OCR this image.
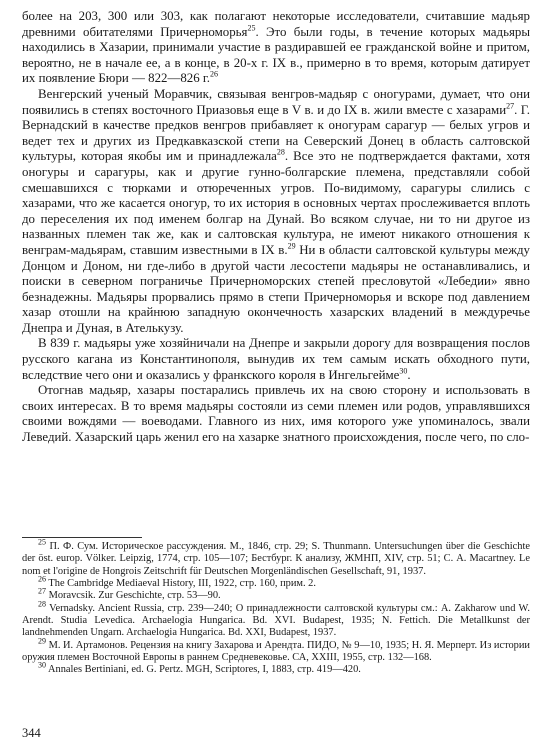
более на 203, 300 или 303, как полагают некоторые исследователи, считавшие мадьяр древними обитателями Причерноморья$^{25}$. Это были годы, в течение которых мадьяры находились в Хазарии, принимали участие в раздиравшей ее гражданской войне и притом, вероятно, не в начале ее, а в конце, в 20-х г. IX в., примерно в то время, которым датирует их появление Бюри — 822—826 г.$^{26}$

Венгерский ученый Моравчик, связывая венгров-мадьяр с оногурами, думает, что они появились в степях восточного Приазовья еще в V в. и до IX в. жили вместе с хазарами$^{27}$. Г. Вернадский в качестве предков венгров прибавляет к оногурам сарагур — белых угров и ведет тех и других из Предкавказской степи на Северский Донец в область салтовской культуры, которая якобы им и принадлежала$^{28}$. Все это не подтверждается фактами, хотя оногуры и сарагуры, как и другие гунно-болгарские племена, представляли собой смешавшихся с тюрками и отюреченных угров. По-видимому, сарагуры слились с хазарами, что же касается оногур, то их история в основных чертах прослеживается вплоть до переселения их под именем болгар на Дунай. Во всяком случае, ни то ни другое из названных племен так же, как и салтовская культура, не имеют никакого отношения к венграм-мадьярам, ставшим известными в IX в.$^{29}$ Ни в области салтовской культуры между Донцом и Доном, ни где-либо в другой части лесостепи мадьяры не останавливались, и поиски в северном пограничье Причерноморских степей пресловутой «Лебедии» явно безнадежны. Мадьяры прорвались прямо в степи Причерноморья и вскоре под давлением хазар отошли на крайнюю западную окончечность хазарских владений в междуречье Днепра и Дуная, в Ателькузу.

В 839 г. мадьяры уже хозяйничали на Днепре и закрыли дорогу для возвращения послов русского кагана из Константинополя, вынудив их тем самым искать обходного пути, вследствие чего они и оказались у франкского короля в Ингельгейме$^{30}$.

Отогнав мадьяр, хазары постарались привлечь их на свою сторону и использовать в своих интересах. В то время мадьяры состояли из семи племен или родов, управлявшихся своими вождями — воеводами. Главного из них, имя которого уже упоминалось, звали Леведий. Хазарский царь женил его на хазарке знатного происхождения, после чего, по сло-

$^{25}$ П. Ф. Сум. Историческое рассуждения. М., 1846, стр. 29; S. Thunmann. Untersuchungen über die Geschichte der öst. europ. Völker. Leipzig, 1774, стр. 105—107; Бестбург. К анализу, ЖМНП, XIV, стр. 51; С. А. Macartney. Le nom et l'origine de Hongrois Zeitschrift für Deutschen Morgenländischen Gesellschaft, 91, 1937.

$^{26}$ The Cambridge Mediaeval History, III, 1922, стр. 160, прим. 2.

$^{27}$ Moravcsik. Zur Geschichte, стр. 53—90.

$^{28}$ Vernadsky. Ancient Russia, стр. 239—240; О принадлежности салтовской культуры см.: A. Zakharow und W. Arendt. Studia Levedica. Archaelogia Hungarica. Bd. XVI. Budapest, 1935; N. Fettich. Die Metallkunst der landnehmenden Ungarn. Archaelogia Hungarica. Bd. XXI, Budapest, 1937.

$^{29}$ М. И. Артамонов. Рецензия на книгу Захарова и Арендта. ПИДО, № 9—10, 1935; Н. Я. Мерперт. Из истории оружия племен Восточной Европы в раннем Средневековье. СА, XXIII, 1955, стр. 132—168.

$^{30}$ Annales Bertiniani, ed. G. Pertz. MGH, Scriptores, I, 1883, стр. 419—420.

344
